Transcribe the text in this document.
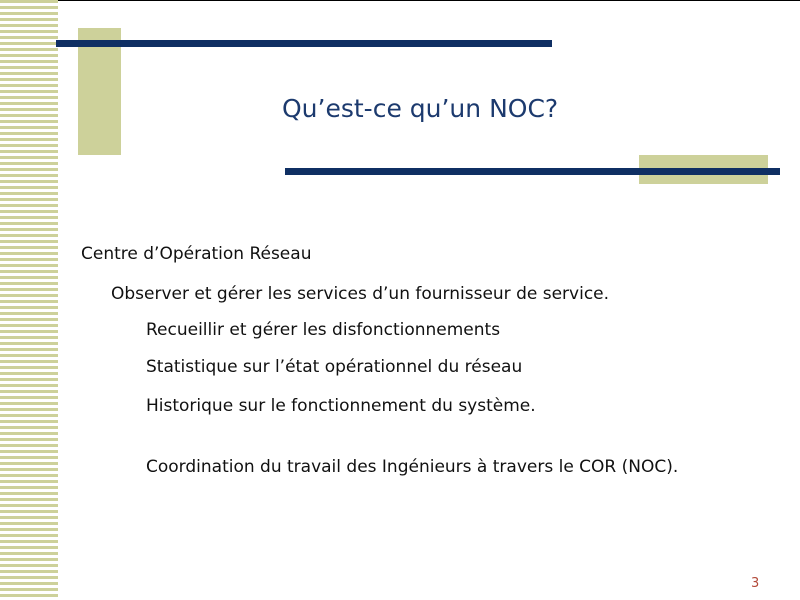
Qu’est-ce qu’un NOC?
Centre d’Opération Réseau
Observer et gérer les services d’un fournisseur de service.
Recueillir et gérer les disfonctionnements
Statistique sur l’état opérationnel du réseau
Historique sur le fonctionnement du système.
Coordination du travail des Ingénieurs à travers le COR (NOC).
3
